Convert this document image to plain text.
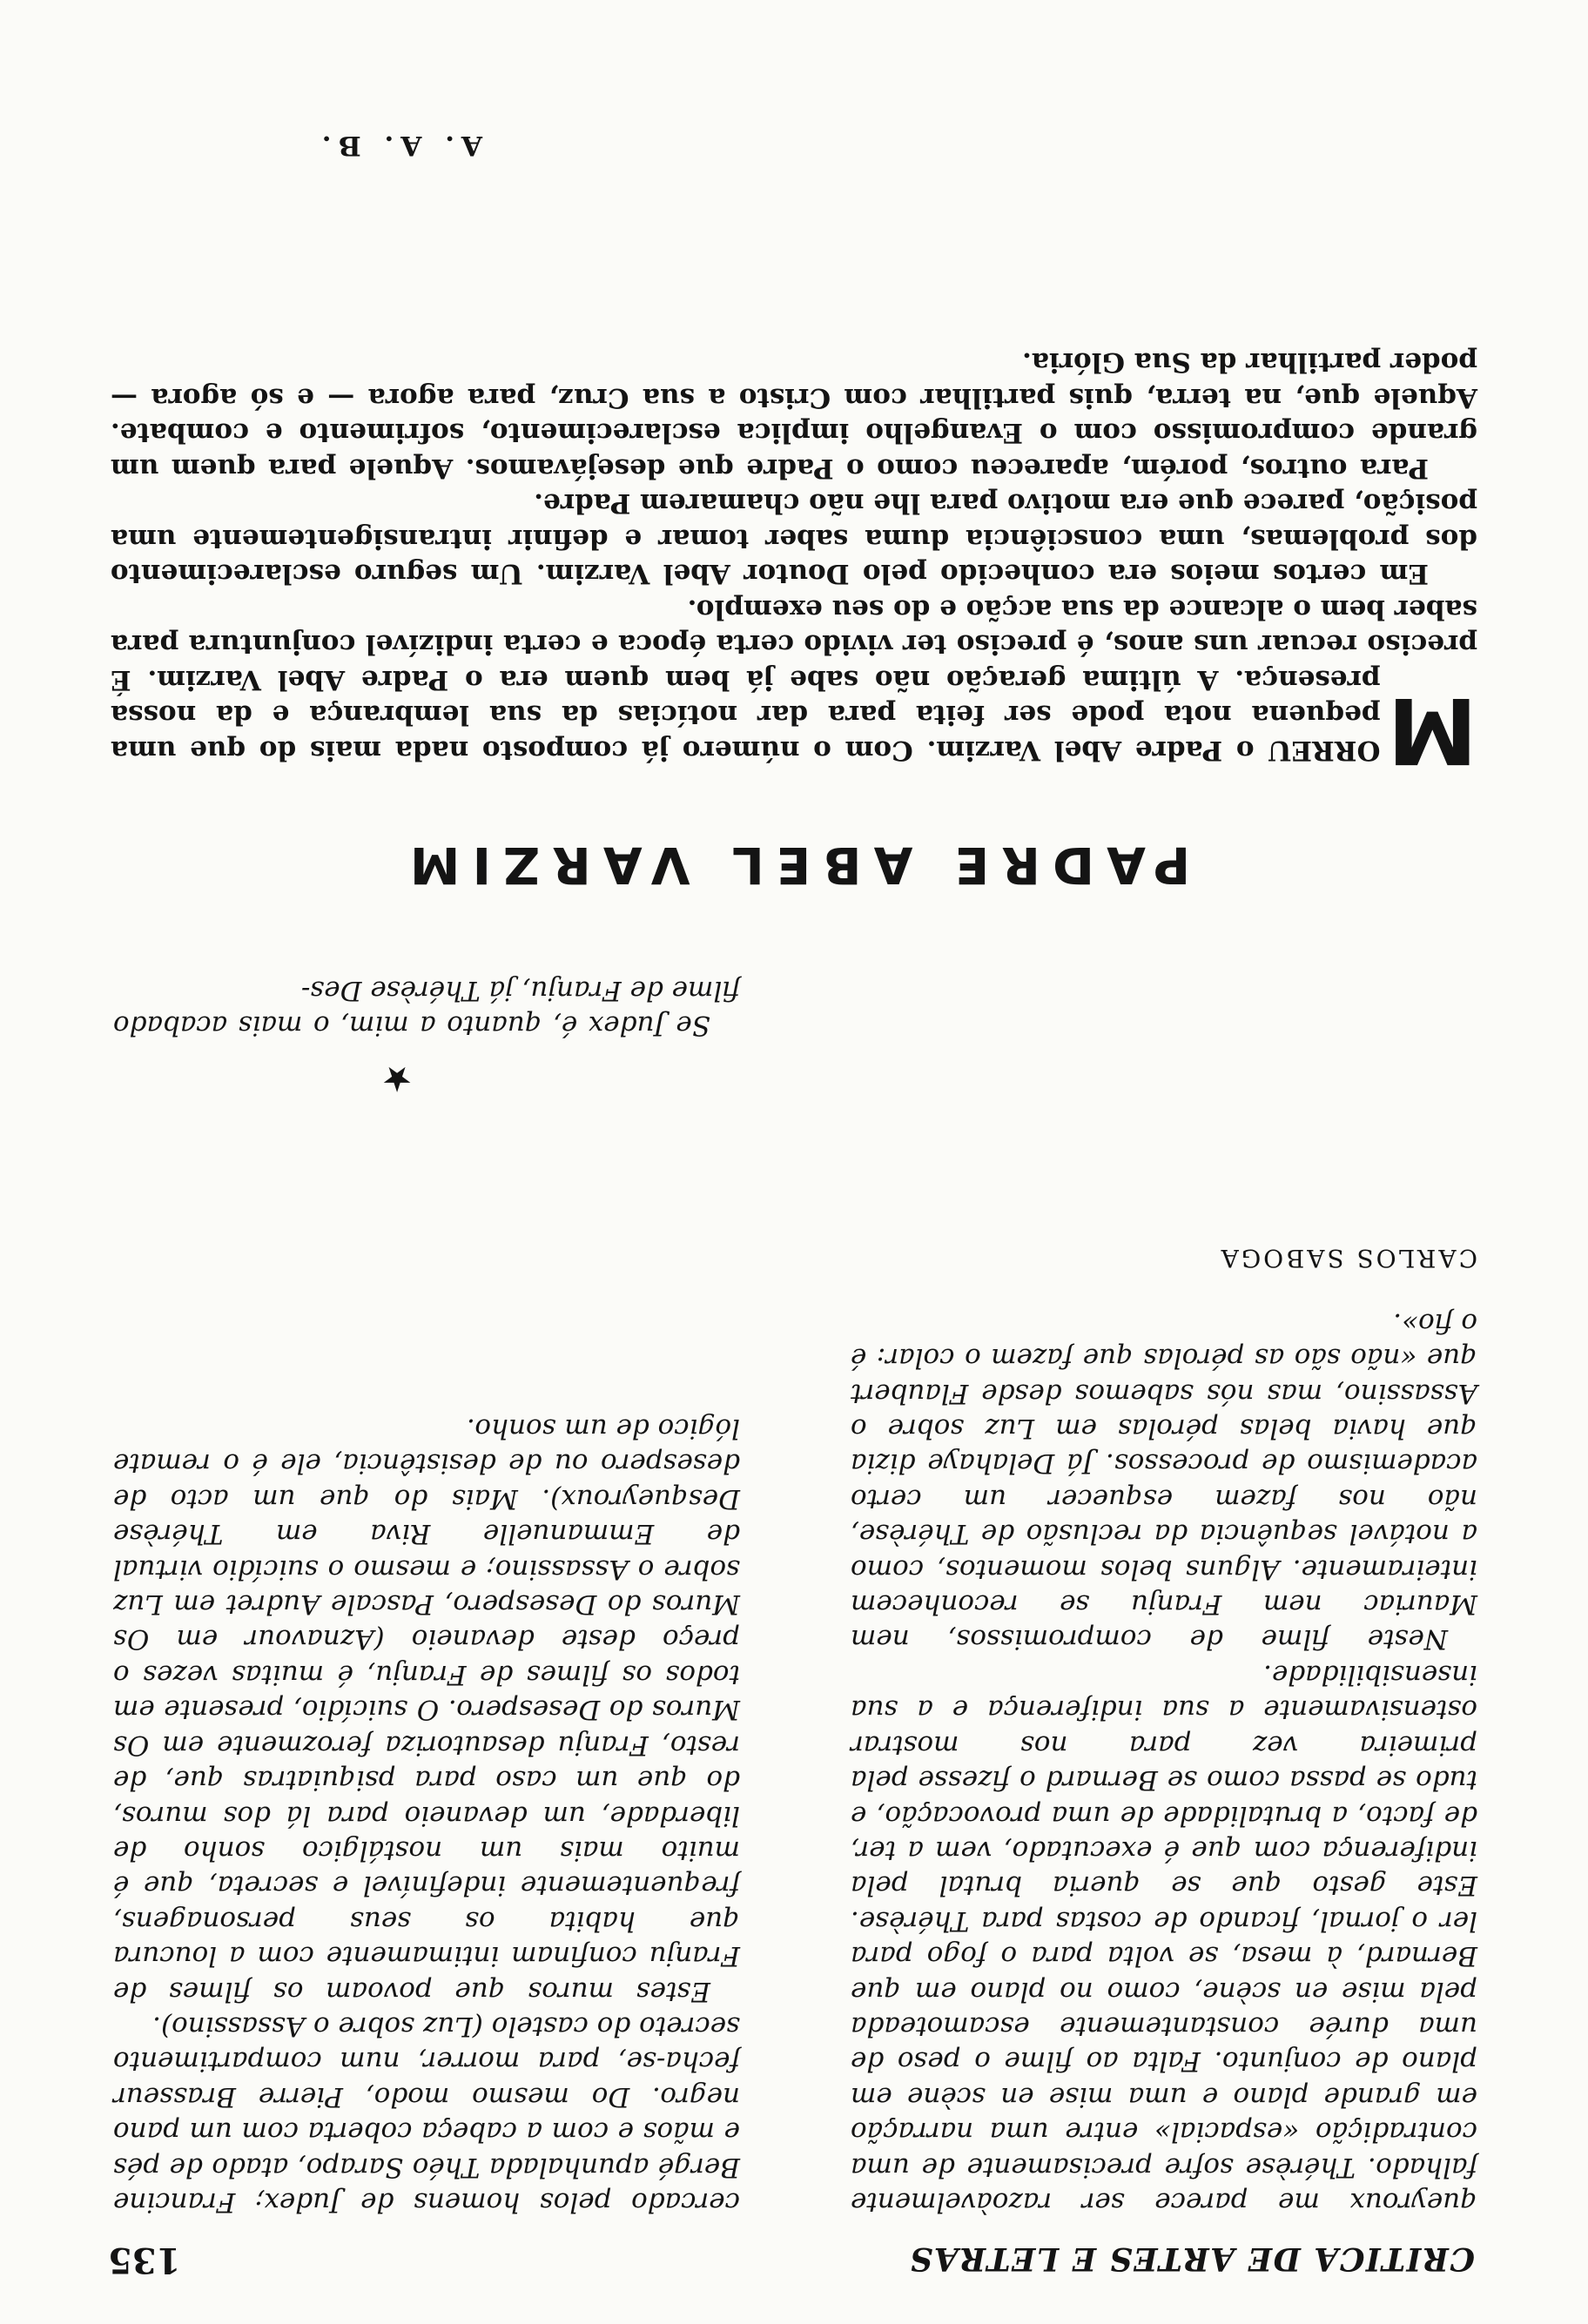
CRITICA DE ARTES E LETRAS
135

cercado pelos homens de Judex; Francine Bergé apunhalada Théo Sarapo, atado de pés e mãos e com a cabeça coberta com um pano negro. Do mesmo modo, Pierre Brasseur fecha-se, para morrer, num compartimento secreto do castelo (Luz sobre o Assassino).

Estes muros que povoam os filmes de Franju confinam intimamente com a loucura que habita os seus personagens, frequentemente indefinível e secreta, que é muito mais um nostálgico sonho de liberdade, um devaneio para lá dos muros, do que um caso para psiquiatras que, de resto, Franju desautoriza ferozmente em Os Muros do Desespero. O suicídio, presente em todos os filmes de Franju, é muitas vezes o preço deste devaneio (Aznavour em Os Muros do Desespero, Pascale Audret em Luz sobre o Assassino; e mesmo o suicídio virtual de Emmanuelle Riva em Thérèse Desqueyroux). Mais do que um acto de desespero ou de desistência, ele é o remate lógico de um sonho.

queyroux me parece ser razoàvelmente falhado. Thérèse sofre precisamente de uma contradição «espacial» entre uma narração em grande plano e uma mise en scène em plano de conjunto. Falta ao filme o peso de uma durée constantemente escamoteada pela mise en scène, como no plano em que Bernard, à mesa, se volta para o fogo para ler o jornal, ficando de costas para Thérèse. Este gesto que se queria brutal pela indiferença com que é executado, vem a ter, de facto, a brutalidade de uma provocação, e tudo se passa como se Bernard o fizesse pela primeira vez para nos mostrar ostensivamente a sua indiferença e a sua insensibilidade.

Neste filme de compromissos, nem Mauriac nem Franju se reconhecem inteiramente. Alguns belos momentos, como a notável sequência da reclusão de Thérèse, não nos fazem esquecer um certo academismo de processos. Já Delahaye dizia que havia belas pérolas em Luz sobre o Assassino, mas nós sabemos desde Flaubert que «não são as pérolas que fazem o colar: é o fio».

CARLOS SABOGA
★

Se Judex é, quanto a mim, o mais acabado filme de Franju, já Thérèse Des-

PADRE ABEL VARZIM

M
ORREU o Padre Abel Varzim. Com o número já composto nada mais do que uma pequena nota pode ser feita para dar notícias da sua lembrança e da nossa presença. A última geração não sabe já bem quem era o Padre Abel Varzim. É preciso recuar uns anos, é preciso ter vivido certa época e certa indizível conjuntura para saber bem o alcance da sua acção e do seu exemplo.

Em certos meios era conhecido pelo Doutor Abel Varzim. Um seguro esclarecimento dos problemas, uma consciência duma saber tomar e definir intransigentemente uma posição, parece que era motivo para lhe não chamarem Padre.

Para outros, porém, apareceu como o Padre que desejávamos. Aquele para quem um grande compromisso com o Evangelho implica esclarecimento, sofrimento e combate. Aquele que, na terra, quis partilhar com Cristo a sua Cruz, para agora — e só agora — poder partilhar da Sua Glória.

A. A. B.
